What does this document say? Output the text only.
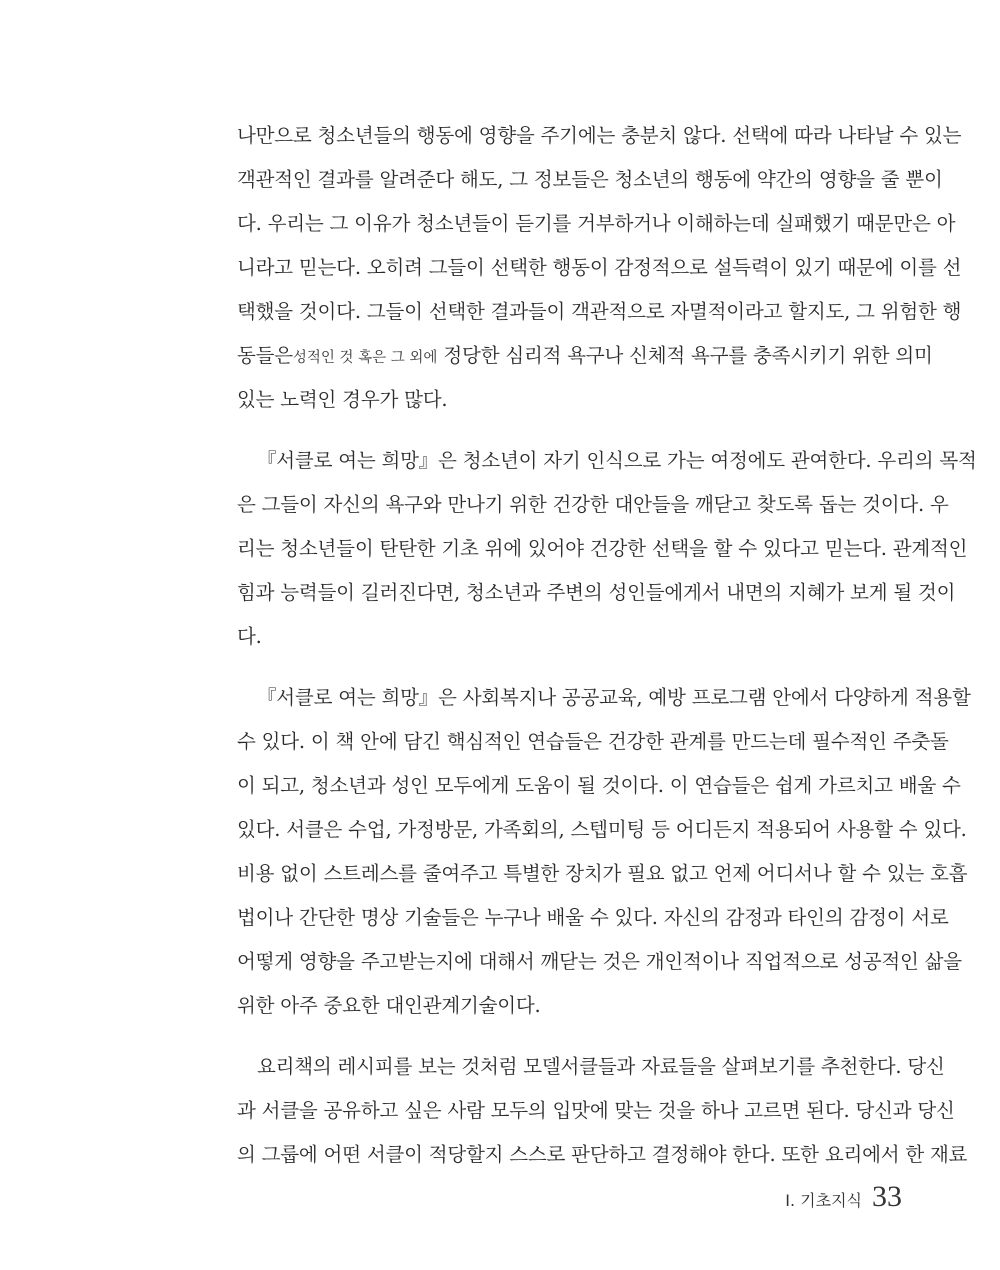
나만으로 청소년들의 행동에 영향을 주기에는 충분치 않다. 선택에 따라 나타날 수 있는
객관적인 결과를 알려준다 해도, 그 정보들은 청소년의 행동에 약간의 영향을 줄 뿐이
다. 우리는 그 이유가 청소년들이 듣기를 거부하거나 이해하는데 실패했기 때문만은 아
니라고 믿는다. 오히려 그들이 선택한 행동이 감정적으로 설득력이 있기 때문에 이를 선
택했을 것이다. 그들이 선택한 결과들이 객관적으로 자멸적이라고 할지도, 그 위험한 행
동들은성적인 것 혹은 그 외에 정당한 심리적 욕구나 신체적 욕구를 충족시키기 위한 의미
있는 노력인 경우가 많다.
『서클로 여는 희망』은 청소년이 자기 인식으로 가는 여정에도 관여한다. 우리의 목적
은 그들이 자신의 욕구와 만나기 위한 건강한 대안들을 깨닫고 찾도록 돕는 것이다. 우
리는 청소년들이 탄탄한 기초 위에 있어야 건강한 선택을 할 수 있다고 믿는다. 관계적인
힘과 능력들이 길러진다면, 청소년과 주변의 성인들에게서 내면의 지혜가 보게 될 것이
다.
『서클로 여는 희망』은 사회복지나 공공교육, 예방 프로그램 안에서 다양하게 적용할
수 있다. 이 책 안에 담긴 핵심적인 연습들은 건강한 관계를 만드는데 필수적인 주춧돌
이 되고, 청소년과 성인 모두에게 도움이 될 것이다. 이 연습들은 쉽게 가르치고 배울 수
있다. 서클은 수업, 가정방문, 가족회의, 스텝미팅 등 어디든지 적용되어 사용할 수 있다.
비용 없이 스트레스를 줄여주고 특별한 장치가 필요 없고 언제 어디서나 할 수 있는 호흡
법이나 간단한 명상 기술들은 누구나 배울 수 있다. 자신의 감정과 타인의 감정이 서로
어떻게 영향을 주고받는지에 대해서 깨닫는 것은 개인적이나 직업적으로 성공적인 삶을
위한 아주 중요한 대인관계기술이다.
요리책의 레시피를 보는 것처럼 모델서클들과 자료들을 살펴보기를 추천한다. 당신
과 서클을 공유하고 싶은 사람 모두의 입맛에 맞는 것을 하나 고르면 된다. 당신과 당신
의 그룹에 어떤 서클이 적당할지 스스로 판단하고 결정해야 한다. 또한 요리에서 한 재료
I. 기초지식 33
